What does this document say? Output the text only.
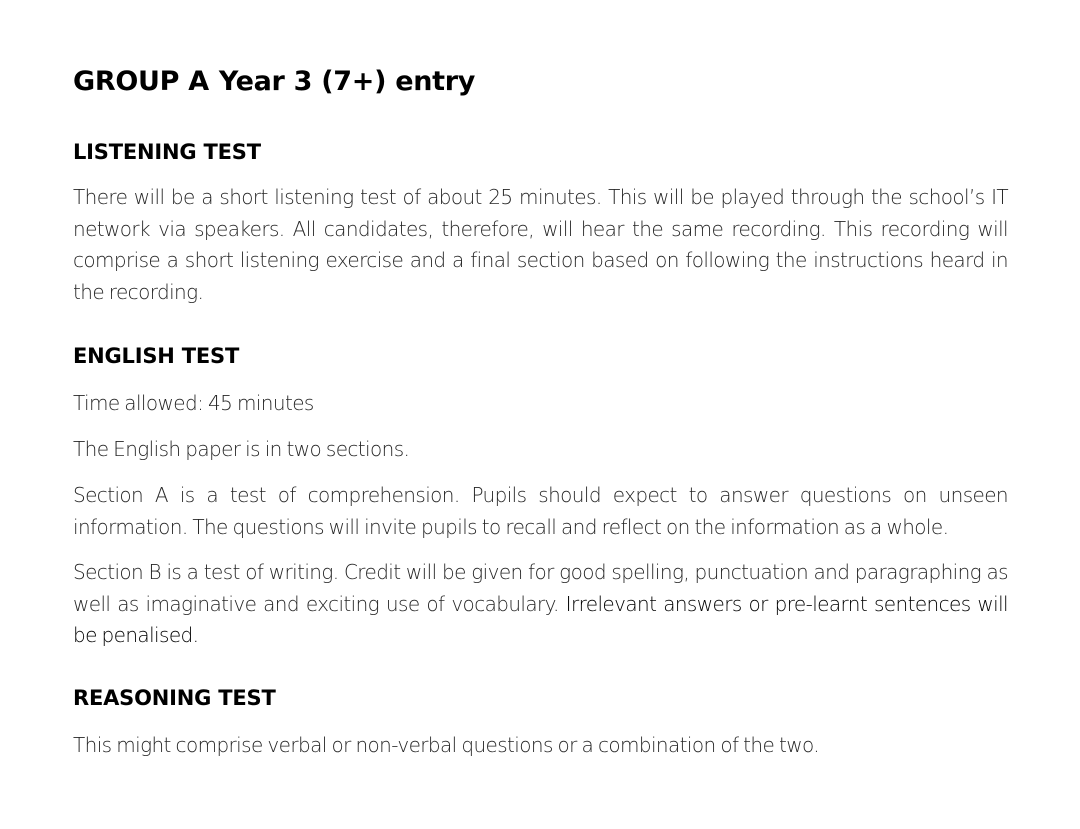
GROUP A Year 3 (7+) entry
LISTENING TEST

There will be a short listening test of about 25 minutes. This will be played through the school’s IT network via speakers. All candidates, therefore, will hear the same recording. This recording will comprise a short listening exercise and a final section based on following the instructions heard in the recording.

ENGLISH TEST

Time allowed: 45 minutes

The English paper is in two sections.

Section A is a test of comprehension. Pupils should expect to answer questions on unseen information. The questions will invite pupils to recall and reflect on the information as a whole.

Section B is a test of writing. Credit will be given for good spelling, punctuation and paragraphing as well as imaginative and exciting use of vocabulary. Irrelevant answers or pre-learnt sentences will be penalised.

REASONING TEST

This might comprise verbal or non-verbal questions or a combination of the two.
